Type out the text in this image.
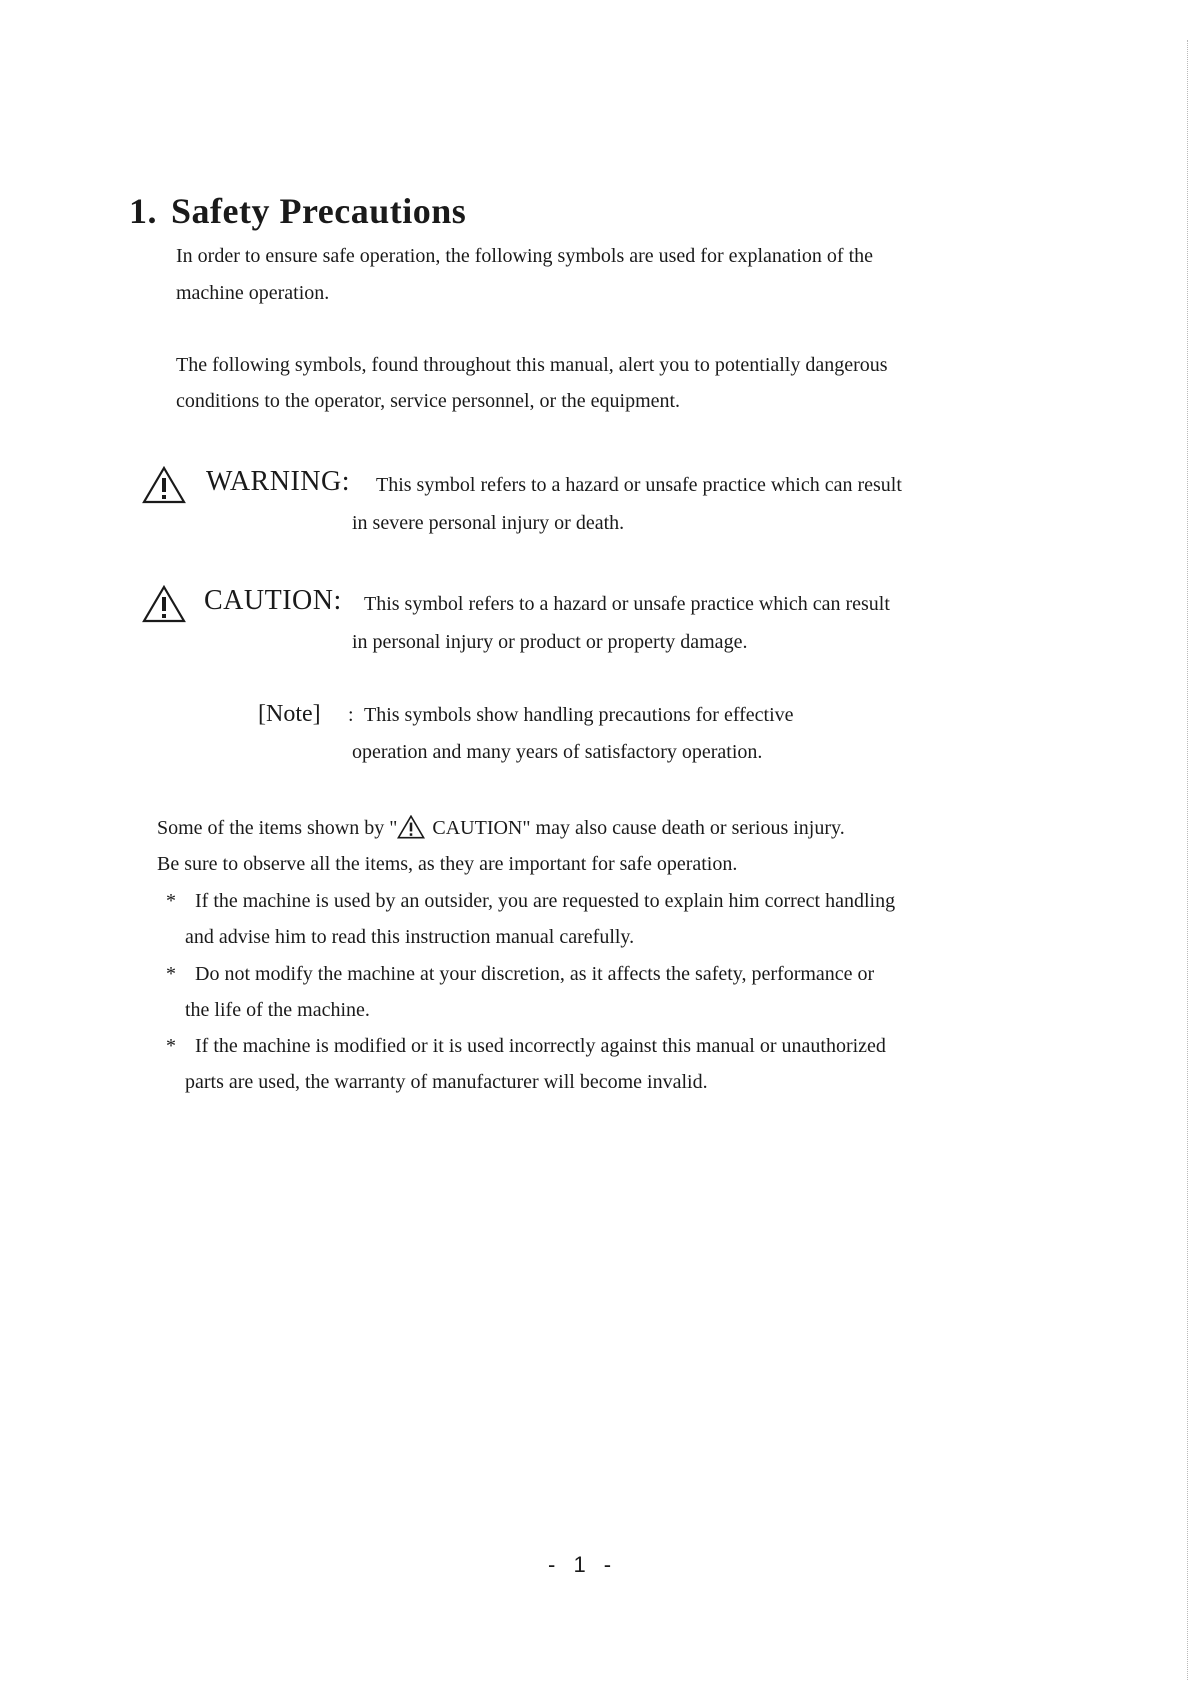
1. Safety Precautions
In order to ensure safe operation, the following symbols are used for explanation of the
machine operation.
The following symbols, found throughout this manual, alert you to potentially dangerous
conditions to the operator, service personnel, or the equipment.
WARNING: This symbol refers to a hazard or unsafe practice which can result
in severe personal injury or death.
CAUTION: This symbol refers to a hazard or unsafe practice which can result
in personal injury or product or property damage.
[Note] : This symbols show handling precautions for effective
operation and many years of satisfactory operation.
Some of the items shown by " CAUTION" may also cause death or serious injury.
Be sure to observe all the items, as they are important for safe operation.
* If the machine is used by an outsider, you are requested to explain him correct handling
and advise him to read this instruction manual carefully.
* Do not modify the machine at your discretion, as it affects the safety, performance or
the life of the machine.
* If the machine is modified or it is used incorrectly against this manual or unauthorized
parts are used, the warranty of manufacturer will become invalid.
- 1 -
